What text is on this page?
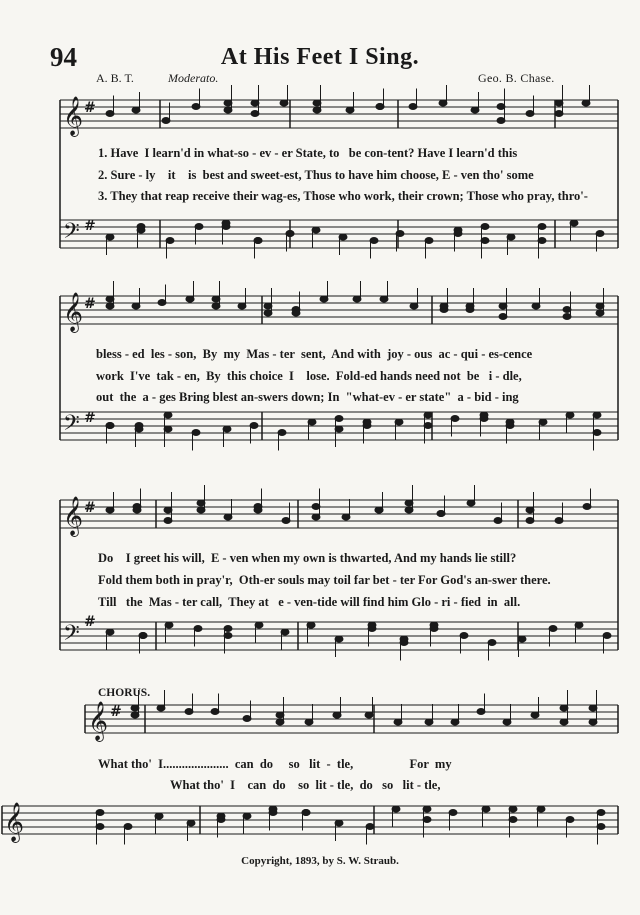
𝄞
𝄢
𝄞
𝄢
𝄞
𝄢
𝄞
𝄞
#
#
#
#
#
#
#
94	At His Feet I Sing.
A. B. T.	Moderato.	Geo. B. Chase.
1. Have  I learn'd in what-so - ev - er State, to   be con-tent? Have I learn'd this
2. Sure - ly    it    is  best and sweet-est, Thus to have him choose, E - ven tho' some
3. They that reap receive their wag-es, Those who work, their crown; Those who pray, thro'-
bless - ed  les - son,  By  my  Mas - ter  sent,  And with  joy - ous  ac - qui - es-cence
work  I've  tak - en,  By  this choice  I    lose.  Fold-ed hands need not  be   i - dle,
out  the  a - ges Bring blest an-swers down; In  "what-ev - er state"  a - bid - ing
Do    I greet his will,  E - ven when my own is thwarted, And my hands lie still?
Fold them both in pray'r,  Oth-er souls may toil far bet - ter For God's an-swer there.
Till   the  Mas - ter call,  They at   e - ven-tide will find him Glo - ri - fied  in  all.
CHORUS.
What tho'  I.....................  can  do     so   lit  -  tle,                  For  my
What tho'  I    can  do    so  lit - tle,  do   so   lit - tle,
Copyright, 1893, by S. W. Straub.
